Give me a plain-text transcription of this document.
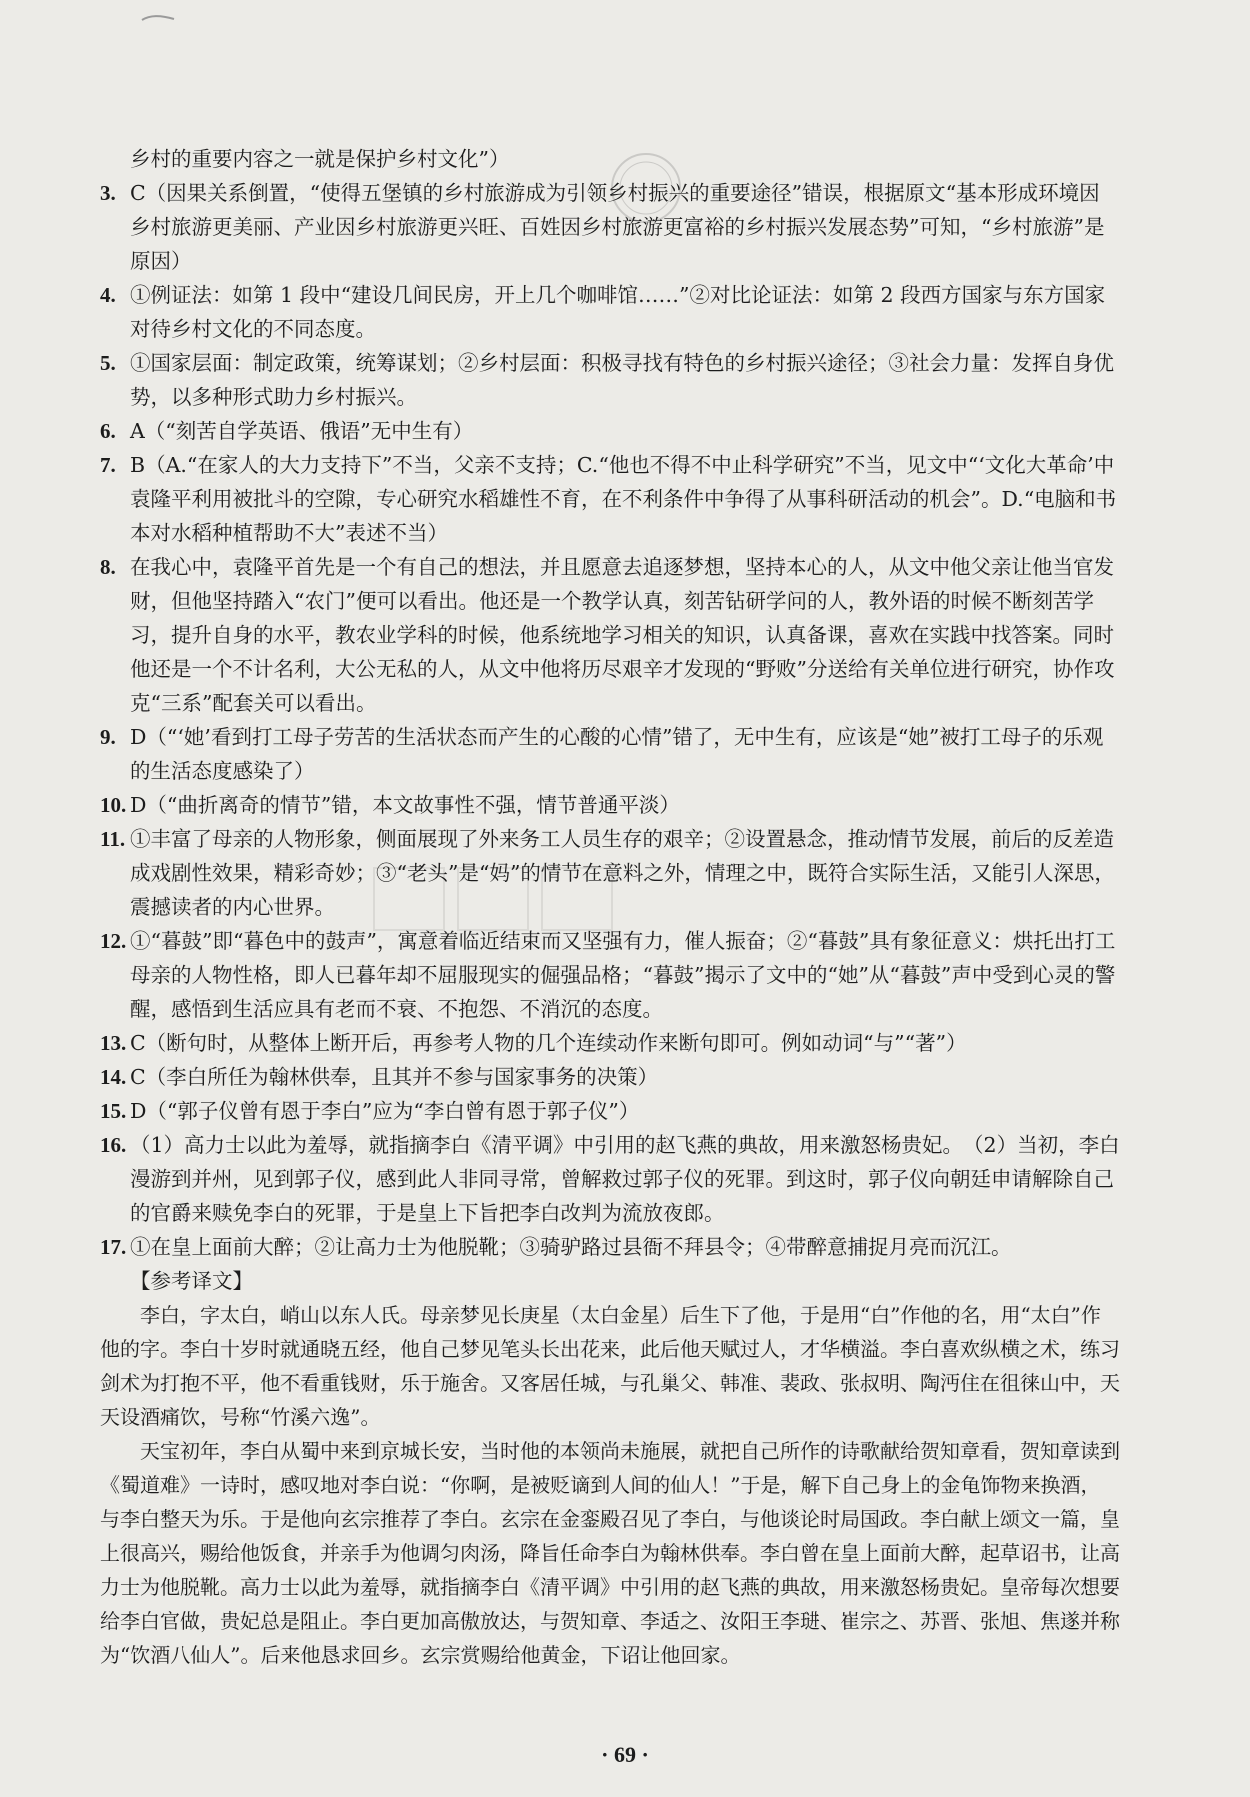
乡村的重要内容之一就是保护乡村文化”）
3. C（因果关系倒置，“使得五堡镇的乡村旅游成为引领乡村振兴的重要途径”错误，根据原文“基本形成环境因乡村旅游更美丽、产业因乡村旅游更兴旺、百姓因乡村旅游更富裕的乡村振兴发展态势”可知，“乡村旅游”是原因）
4. ①例证法：如第 1 段中“建设几间民房，开上几个咖啡馆……”②对比论证法：如第 2 段西方国家与东方国家对待乡村文化的不同态度。
5. ①国家层面：制定政策，统筹谋划；②乡村层面：积极寻找有特色的乡村振兴途径；③社会力量：发挥自身优势，以多种形式助力乡村振兴。
6. A（“刻苦自学英语、俄语”无中生有）
7. B（A.“在家人的大力支持下”不当，父亲不支持；C.“他也不得不中止科学研究”不当，见文中“‘文化大革命’中袁隆平利用被批斗的空隙，专心研究水稻雄性不育，在不利条件中争得了从事科研活动的机会”。D.“电脑和书本对水稻种植帮助不大”表述不当）
8. 在我心中，袁隆平首先是一个有自己的想法，并且愿意去追逐梦想，坚持本心的人，从文中他父亲让他当官发财，但他坚持踏入“农门”便可以看出。他还是一个教学认真，刻苦钻研学问的人，教外语的时候不断刻苦学习，提升自身的水平，教农业学科的时候，他系统地学习相关的知识，认真备课，喜欢在实践中找答案。同时他还是一个不计名利，大公无私的人，从文中他将历尽艰辛才发现的“野败”分送给有关单位进行研究，协作攻克“三系”配套关可以看出。
9. D（“‘她’看到打工母子劳苦的生活状态而产生的心酸的心情”错了，无中生有，应该是“她”被打工母子的乐观的生活态度感染了）
10. D（“曲折离奇的情节”错，本文故事性不强，情节普通平淡）
11. ①丰富了母亲的人物形象，侧面展现了外来务工人员生存的艰辛；②设置悬念，推动情节发展，前后的反差造成戏剧性效果，精彩奇妙；③“老头”是“妈”的情节在意料之外，情理之中，既符合实际生活，又能引人深思，震撼读者的内心世界。
12. ①“暮鼓”即“暮色中的鼓声”，寓意着临近结束而又坚强有力，催人振奋；②“暮鼓”具有象征意义：烘托出打工母亲的人物性格，即人已暮年却不屈服现实的倔强品格；“暮鼓”揭示了文中的“她”从“暮鼓”声中受到心灵的警醒，感悟到生活应具有老而不衰、不抱怨、不消沉的态度。
13. C（断句时，从整体上断开后，再参考人物的几个连续动作来断句即可。例如动词“与”“著”）
14. C（李白所任为翰林供奉，且其并不参与国家事务的决策）
15. D（“郭子仪曾有恩于李白”应为“李白曾有恩于郭子仪”）
16. （1）高力士以此为羞辱，就指摘李白《清平调》中引用的赵飞燕的典故，用来激怒杨贵妃。　（2）当初，李白漫游到并州，见到郭子仪，感到此人非同寻常，曾解救过郭子仪的死罪。到这时，郭子仪向朝廷申请解除自己的官爵来赎免李白的死罪，于是皇上下旨把李白改判为流放夜郎。
17. ①在皇上面前大醉；②让高力士为他脱靴；③骑驴路过县衙不拜县令；④带醉意捕捉月亮而沉江。
【参考译文】
李白，字太白，峭山以东人氏。母亲梦见长庚星（太白金星）后生下了他，于是用“白”作他的名，用“太白”作他的字。李白十岁时就通晓五经，他自己梦见笔头长出花来，此后他天赋过人，才华横溢。李白喜欢纵横之术，练习剑术为打抱不平，他不看重钱财，乐于施舍。又客居任城，与孔巢父、韩准、裴政、张叔明、陶沔住在徂徕山中，天天设酒痛饮，号称“竹溪六逸”。
天宝初年，李白从蜀中来到京城长安，当时他的本领尚未施展，就把自己所作的诗歌献给贺知章看，贺知章读到《蜀道难》一诗时，感叹地对李白说：“你啊，是被贬谪到人间的仙人！”于是，解下自己身上的金龟饰物来换酒，与李白整天为乐。于是他向玄宗推荐了李白。玄宗在金銮殿召见了李白，与他谈论时局国政。李白献上颂文一篇，皇上很高兴，赐给他饭食，并亲手为他调匀肉汤，降旨任命李白为翰林供奉。李白曾在皇上面前大醉，起草诏书，让高力士为他脱靴。高力士以此为羞辱，就指摘李白《清平调》中引用的赵飞燕的典故，用来激怒杨贵妃。皇帝每次想要给李白官做，贵妃总是阻止。李白更加高傲放达，与贺知章、李适之、汝阳王李琎、崔宗之、苏晋、张旭、焦遂并称为“饮酒八仙人”。后来他恳求回乡。玄宗赏赐给他黄金，下诏让他回家。
· 69 ·
